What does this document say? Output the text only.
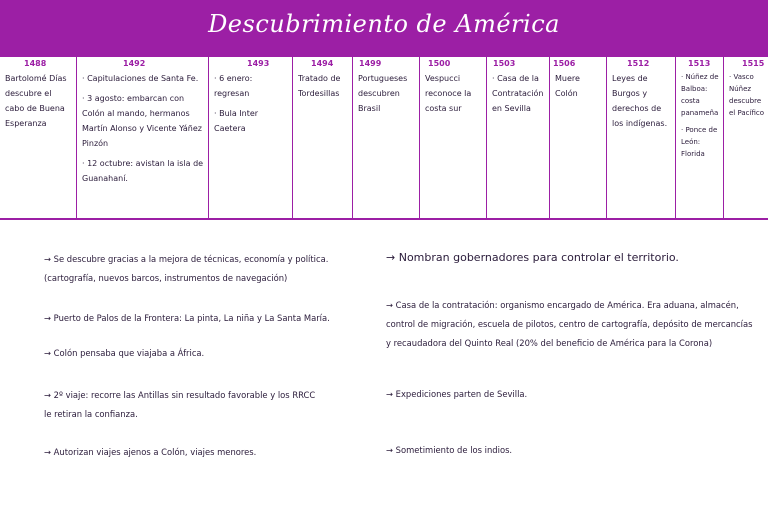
Descubrimiento de América
1488

Bartolomé Días descubre el cabo de Buena Esperanza

1492

· Capitulaciones de Santa Fe.

· 3 agosto: embarcan con Colón al mando, hermanos Martín Alonso y Vicente Yáñez Pinzón

· 12 octubre: avistan la isla de Guanahaní.

1493

· 6 enero: regresan

· Bula Inter Caetera

1494

Tratado de Tordesillas

1499

Portugueses descubren Brasil

1500

Vespucci reconoce la costa sur

1503

· Casa de la Contratación en Sevilla

1506

Muere Colón

1512

Leyes de Burgos y derechos de los indígenas.

1513

· Núñez de Balboa: costa panameña

· Ponce de León: Florida

1515

· Vasco Núñez descubre el Pacífico

→ Se descubre gracias a la mejora de técnicas, economía y política. (cartografía, nuevos barcos, instrumentos de navegación)
→ Puerto de Palos de la Frontera: La pinta, La niña y La Santa María.
→ Colón pensaba que viajaba a África.
→ 2º viaje: recorre las Antillas sin resultado favorable y los RRCC le retiran la confianza.
→ Autorizan viajes ajenos a Colón, viajes menores.
→ Nombran gobernadores para controlar el territorio.
→ Casa de la contratación: organismo encargado de América. Era aduana, almacén, control de migración, escuela de pilotos, centro de cartografía, depósito de mercancías y recaudadora del Quinto Real (20% del beneficio de América para la Corona)
→ Expediciones parten de Sevilla.
→ Sometimiento de los indios.
